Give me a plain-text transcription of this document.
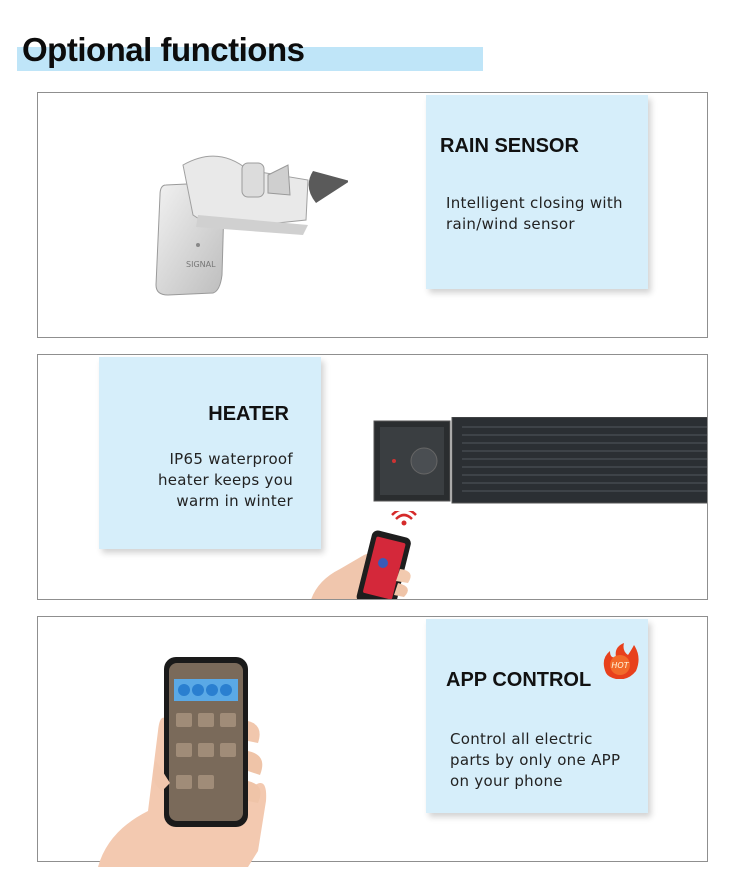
Optional functions
SIGNAL
RAIN SENSOR
Intelligent closing with
rain/wind sensor
HEATER
IP65 waterproof
heater keeps you
warm in winter
APP CONTROL
Control all electric
parts by only one APP
on your phone
HOT
